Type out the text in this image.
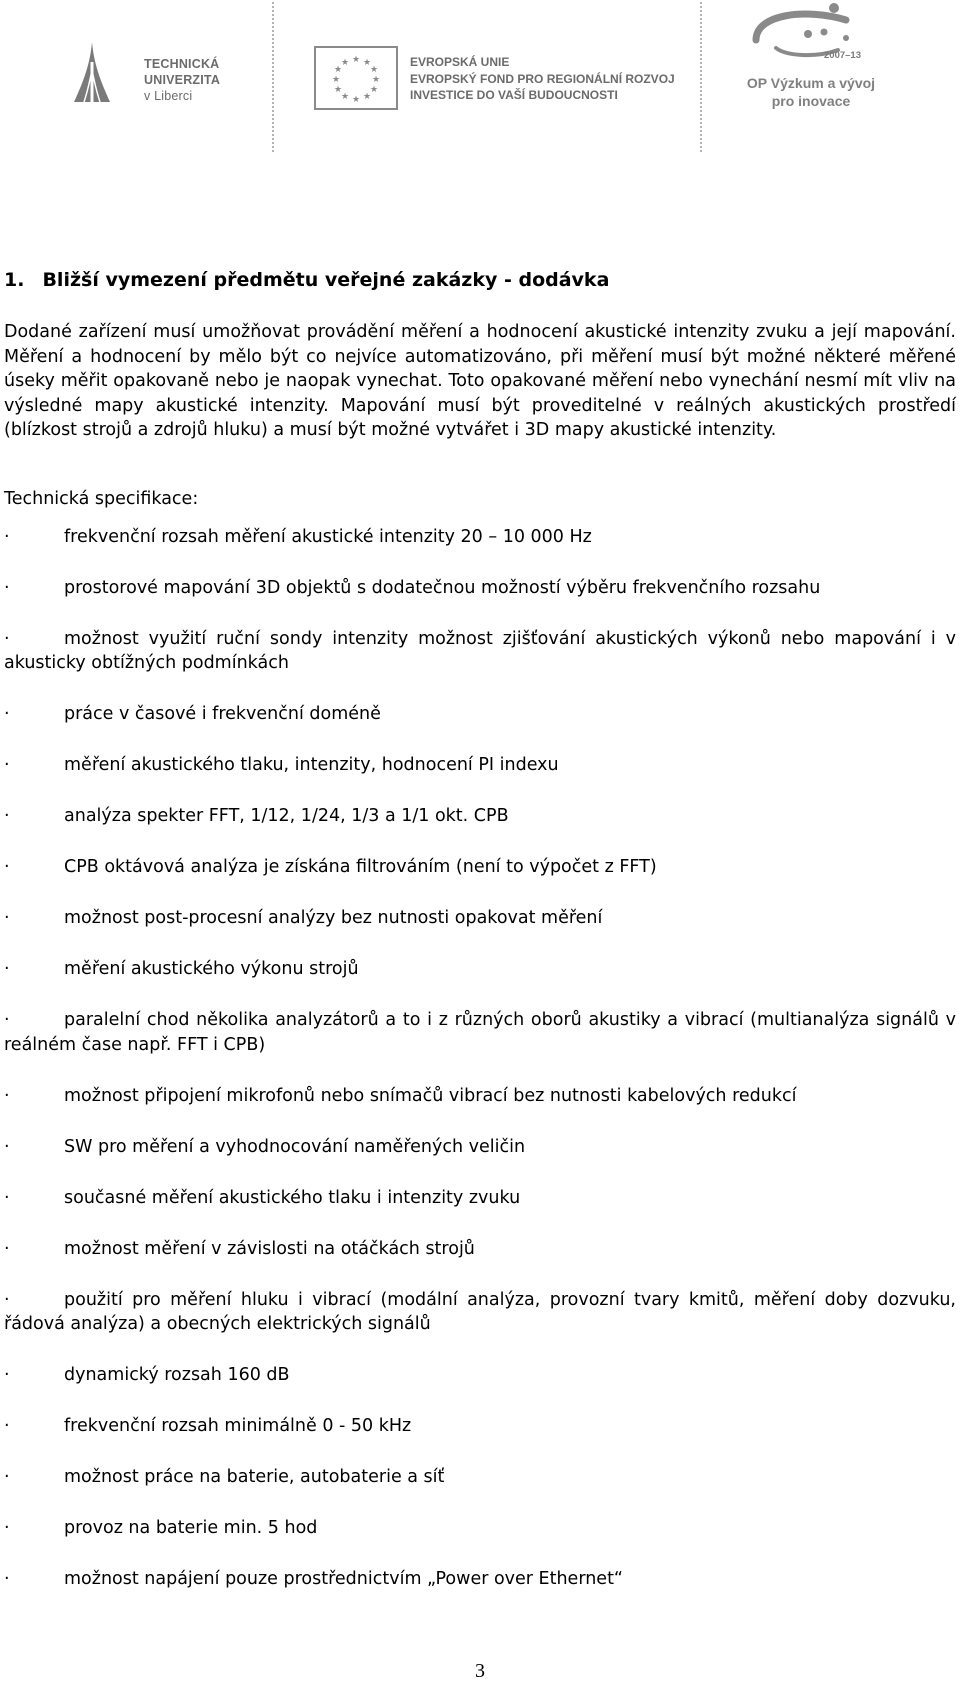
TECHNICKÁ
UNIVERZITA
v Liberci
★ ★
★
★
★
★
★
★
★
★
★
★	EVROPSKÁ UNIE
EVROPSKÝ FOND PRO REGIONÁLNÍ ROZVOJ
INVESTICE DO VAŠÍ BUDOUCNOSTI
2007–13
OP Výzkum a vývoj
pro inovace
1. Bližší vymezení předmětu veřejné zakázky - dodávka

Dodané zařízení musí umožňovat provádění měření a hodnocení akustické intenzity zvuku a její mapování. Měření a hodnocení by mělo být co nejvíce automatizováno, při měření musí být možné některé měřené úseky měřit opakovaně nebo je naopak vynechat. Toto opakované měření nebo vynechání nesmí mít vliv na výsledné mapy akustické intenzity. Mapování musí být proveditelné v reálných akustických prostředí (blízkost strojů a zdrojů hluku) a musí být možné vytvářet i 3D mapy akustické intenzity.

Technická specifikace:

·	frekvenční rozsah měření akustické intenzity 20 – 10 000 Hz
·	prostorové mapování 3D objektů s dodatečnou možností výběru frekvenčního rozsahu
·	možnost využití ruční sondy intenzity možnost zjišťování akustických výkonů nebo mapování i v akusticky obtížných podmínkách
·	práce v časové i frekvenční doméně
·	měření akustického tlaku, intenzity, hodnocení PI indexu
·	analýza spekter FFT, 1/12, 1/24, 1/3 a 1/1 okt. CPB
·	CPB oktávová analýza je získána filtrováním (není to výpočet z FFT)
·	možnost post-procesní analýzy bez nutnosti opakovat měření
·	měření akustického výkonu strojů
·	paralelní chod několika analyzátorů a to i z různých oborů akustiky a vibrací (multianalýza signálů v reálném čase např. FFT i CPB)
·	možnost připojení mikrofonů nebo snímačů vibrací bez nutnosti kabelových redukcí
·	SW pro měření a vyhodnocování naměřených veličin
·	současné měření akustického tlaku i intenzity zvuku
·	možnost měření v závislosti na otáčkách strojů
·	použití pro měření hluku i vibrací (modální analýza, provozní tvary kmitů, měření doby dozvuku, řádová analýza) a obecných elektrických signálů
·	dynamický rozsah 160 dB
·	frekvenční rozsah minimálně 0 - 50 kHz
·	možnost práce na baterie, autobaterie a síť
·	provoz na baterie min. 5 hod
·	možnost napájení pouze prostřednictvím „Power over Ethernet“
3
